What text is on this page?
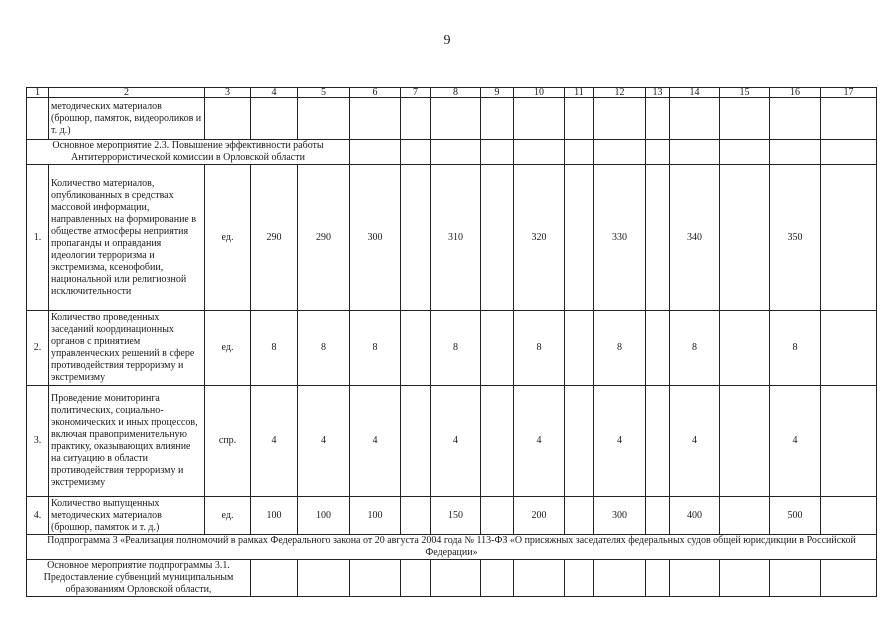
9
1	2	3	4	5	6	7	8	9	10	11	12	13	14	15	16	17
	методических материалов (брошюр, памяток, видеороликов и т. д.)															
Основное мероприятие 2.3. Повышение эффективности работы Антитеррористической комиссии в Орловской области																
1.	Количество материалов, опубликованных в средствах массовой информации, направленных на формирование в обществе атмосферы неприятия пропаганды и оправдания идеологии терроризма и экстремизма, ксенофобии, национальной или религиозной исключительности	ед.	290	290	300		310		320		330		340		350	
2.	Количество проведенных заседаний координационных органов с принятием управленческих решений в сфере противодействия терроризму и экстремизму	ед.	8	8	8		8		8		8		8		8	
3.	Проведение мониторинга политических, социально-экономических и иных процессов, включая правоприменительную практику, оказывающих влияние на ситуацию в области противодействия терроризму и экстремизму	спр.	4	4	4		4		4		4		4		4	
4.	Количество выпущенных методических материалов (брошюр, памяток и т. д.)	ед.	100	100	100		150		200		300		400		500	
Подпрограмма 3 «Реализация полномочий в рамках Федерального закона от 20 августа 2004 года № 113-ФЗ «О присяжных заседателях федеральных судов общей юрисдикции в Российской Федерации»																
Основное мероприятие подпрограммы 3.1. Предоставление субвенций муниципальным образованиям Орловской области,																
